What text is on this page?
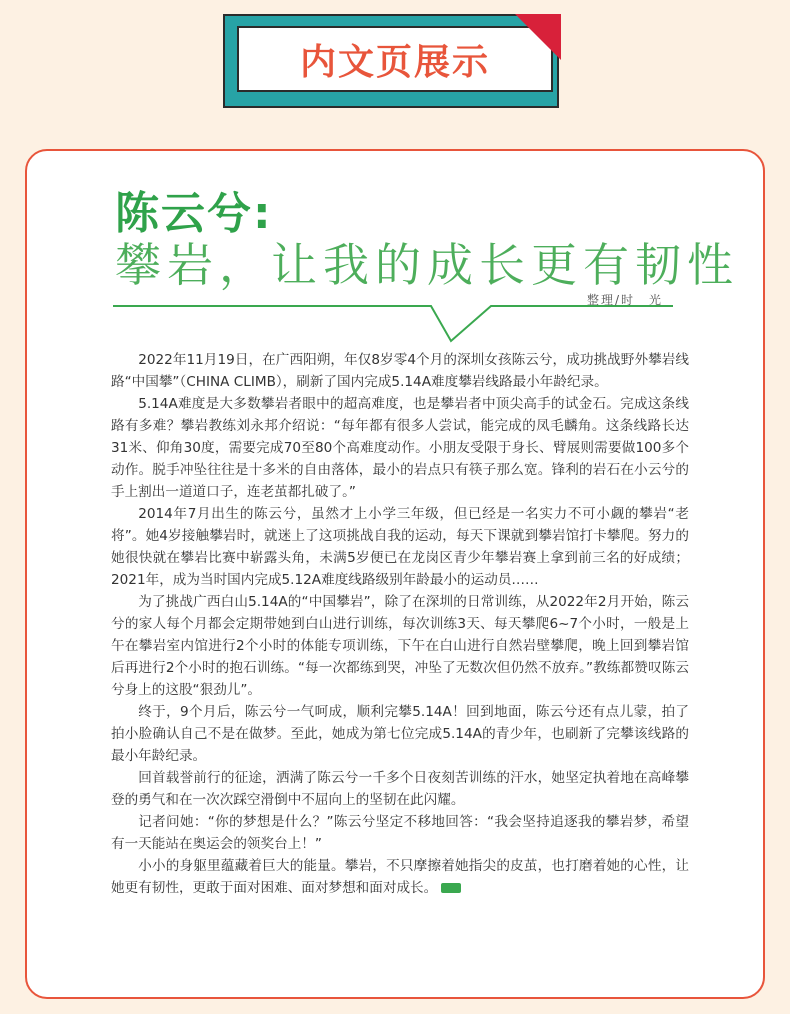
内文页展示
陈云兮:
攀岩，让我的成长更有韧性
整理/时　光

2022年11月19日，在广西阳朔，年仅8岁零4个月的深圳女孩陈云兮，成功挑战野外攀岩线路“中国攀”（CHINA CLIMB），刷新了国内完成5.14A难度攀岩线路最小年龄纪录。

5.14A难度是大多数攀岩者眼中的超高难度，也是攀岩者中顶尖高手的试金石。完成这条线路有多难？攀岩教练刘永邦介绍说：“每年都有很多人尝试，能完成的凤毛麟角。这条线路长达31米、仰角30度，需要完成70至80个高难度动作。小朋友受限于身长、臂展则需要做100多个动作。脱手冲坠往往是十多米的自由落体，最小的岩点只有筷子那么宽。锋利的岩石在小云兮的手上割出一道道口子，连老茧都扎破了。”

2014年7月出生的陈云兮，虽然才上小学三年级，但已经是一名实力不可小觑的攀岩“老将”。她4岁接触攀岩时，就迷上了这项挑战自我的运动，每天下课就到攀岩馆打卡攀爬。努力的她很快就在攀岩比赛中崭露头角，未满5岁便已在龙岗区青少年攀岩赛上拿到前三名的好成绩；2021年，成为当时国内完成5.12A难度线路级别年龄最小的运动员……

为了挑战广西白山5.14A的“中国攀岩”，除了在深圳的日常训练，从2022年2月开始，陈云兮的家人每个月都会定期带她到白山进行训练，每次训练3天、每天攀爬6~7个小时，一般是上午在攀岩室内馆进行2个小时的体能专项训练，下午在白山进行自然岩壁攀爬，晚上回到攀岩馆后再进行2个小时的抱石训练。“每一次都练到哭，冲坠了无数次但仍然不放弃。”教练都赞叹陈云兮身上的这股“狠劲儿”。

终于，9个月后，陈云兮一气呵成，顺利完攀5.14A！回到地面，陈云兮还有点儿蒙，拍了拍小脸确认自己不是在做梦。至此，她成为第七位完成5.14A的青少年，也刷新了完攀该线路的最小年龄纪录。

回首载誉前行的征途，洒满了陈云兮一千多个日夜刻苦训练的汗水，她坚定执着地在高峰攀登的勇气和在一次次踩空滑倒中不屈向上的坚韧在此闪耀。

记者问她：“你的梦想是什么？”陈云兮坚定不移地回答：“我会坚持追逐我的攀岩梦，希望有一天能站在奥运会的领奖台上！”

小小的身躯里蕴藏着巨大的能量。攀岩，不只摩擦着她指尖的皮茧，也打磨着她的心性，让她更有韧性，更敢于面对困难、面对梦想和面对成长。
